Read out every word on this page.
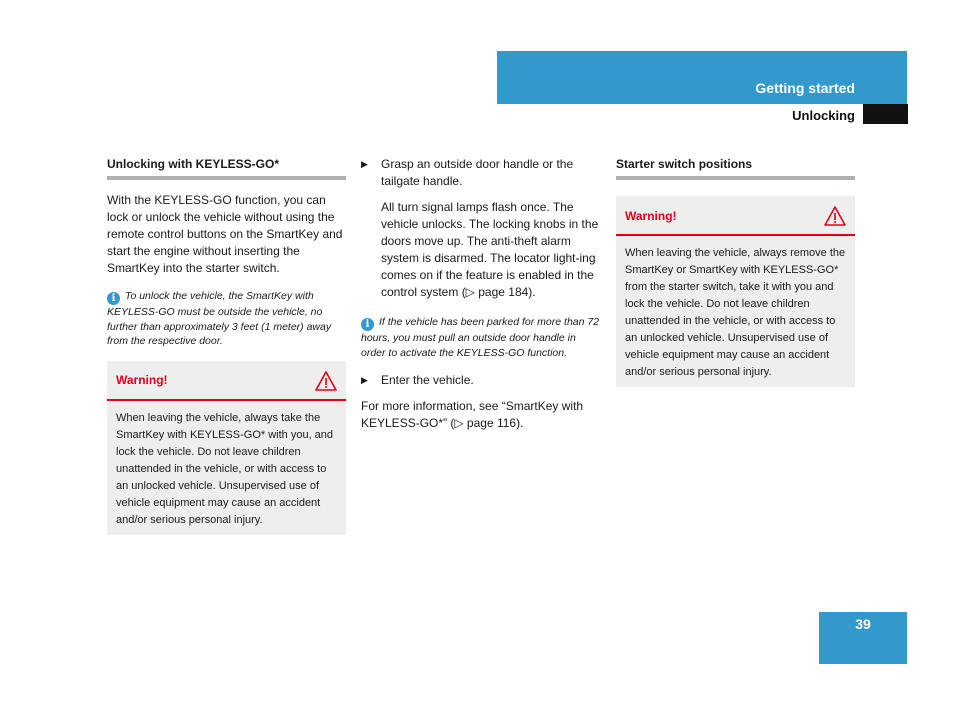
Getting started
Unlocking
Unlocking with KEYLESS-GO*

With the KEYLESS-GO function, you can lock or unlock the vehicle without using the remote control buttons on the SmartKey and start the engine without inserting the SmartKey into the starter switch.

i To unlock the vehicle, the SmartKey with KEYLESS-GO must be outside the vehicle, no further than approximately 3 feet (1 meter) away from the respective door.
Warning!
When leaving the vehicle, always take the SmartKey with KEYLESS-GO* with you, and lock the vehicle. Do not leave children unattended in the vehicle, or with access to an unlocked vehicle. Unsupervised use of vehicle equipment may cause an accident and/or serious personal injury.
▶ Grasp an outside door handle or the tailgate handle.

All turn signal lamps flash once. The vehicle unlocks. The locking knobs in the doors move up. The anti-theft alarm system is disarmed. The locator light-ing comes on if the feature is enabled in the control system (▷ page 184).

i If the vehicle has been parked for more than 72 hours, you must pull an outside door handle in order to activate the KEYLESS-GO function.
▶ Enter the vehicle.

For more information, see “SmartKey with KEYLESS-GO*” (▷ page 116).

Starter switch positions
Warning!
When leaving the vehicle, always remove the SmartKey or SmartKey with KEYLESS-GO* from the starter switch, take it with you and lock the vehicle. Do not leave children unattended in the vehicle, or with access to an unlocked vehicle. Unsupervised use of vehicle equipment may cause an accident and/or serious personal injury.
39
